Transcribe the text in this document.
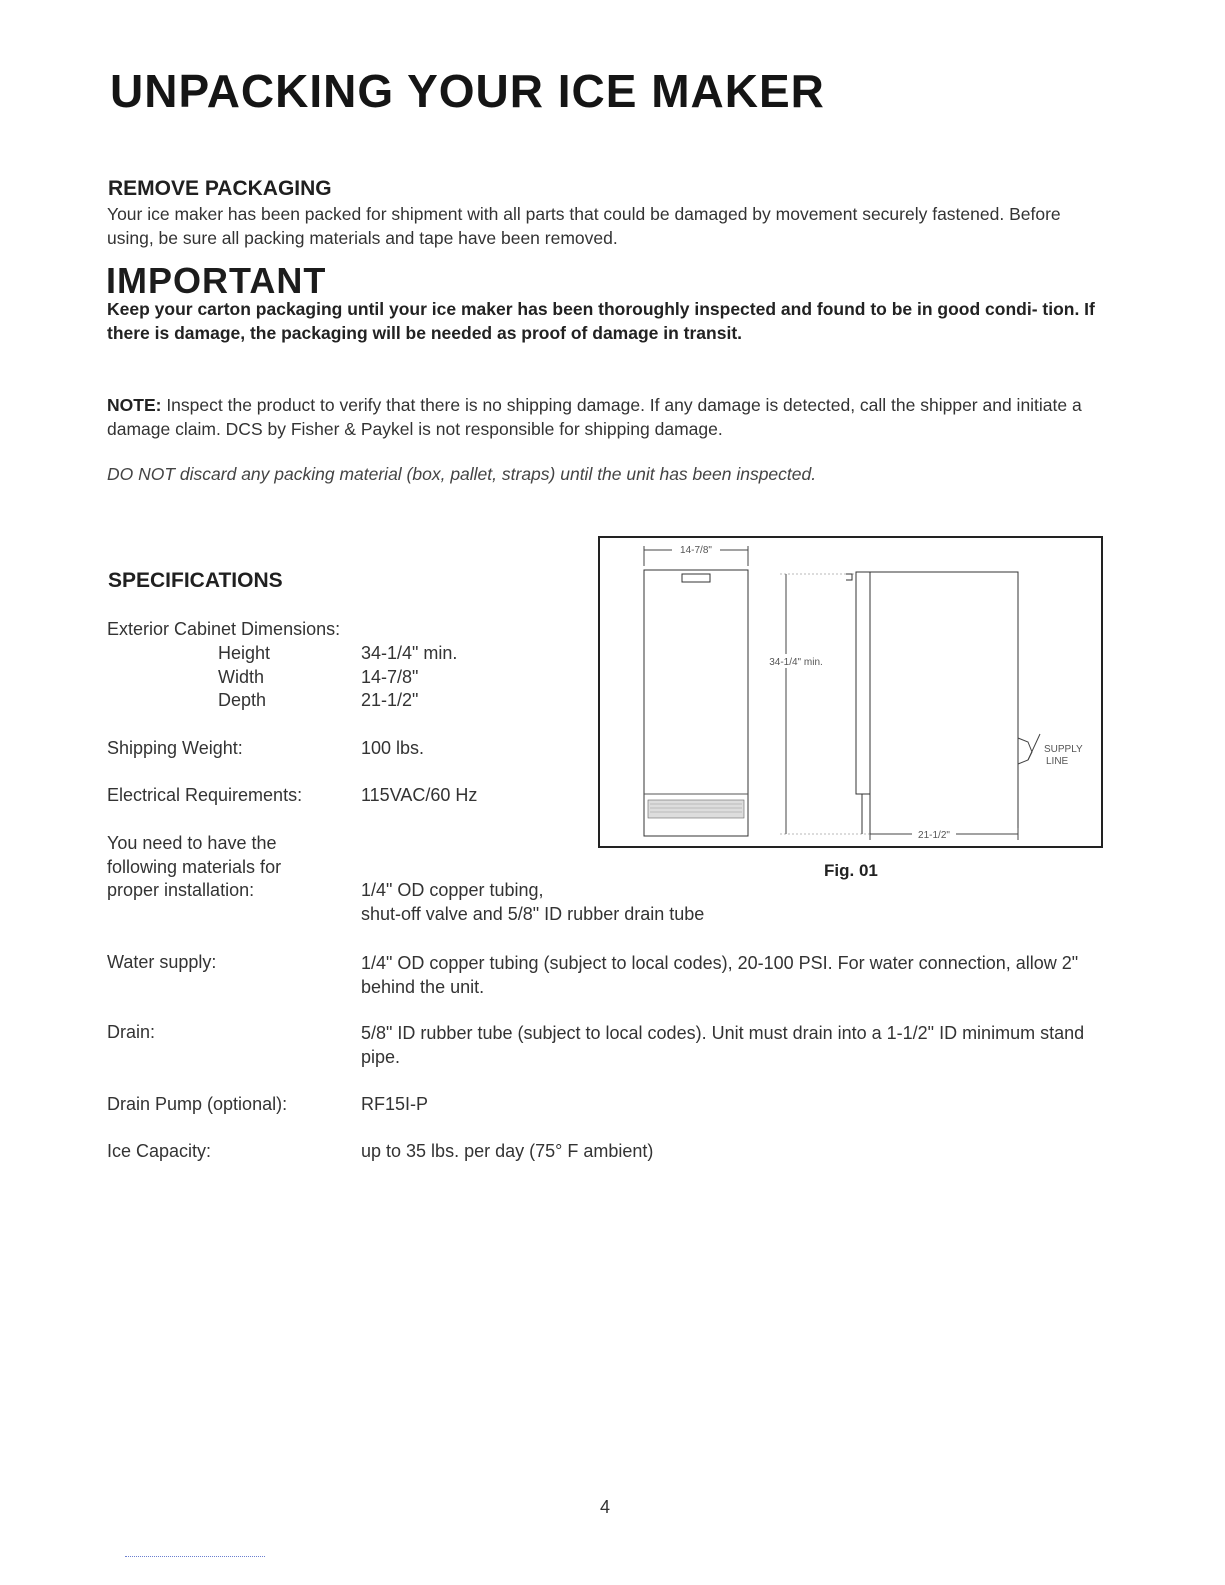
UNPACKING YOUR ICE MAKER
REMOVE PACKAGING
Your ice maker has been packed for shipment with all parts that could be damaged by movement securely fastened. Before using, be sure all packing materials and tape have been removed.
IMPORTANT
Keep your carton packaging until your ice maker has been thoroughly inspected and found to be in good condi- tion. If there is damage, the packaging will be needed as proof of damage in transit.
NOTE: Inspect the product to verify that there is no shipping damage. If any damage is detected, call the shipper and initiate a damage claim. DCS by Fisher & Paykel is not responsible for shipping damage.
DO NOT discard any packing material (box, pallet, straps) until the unit has been inspected.
SPECIFICATIONS
Exterior Cabinet Dimensions:
Height	34-1/4" min.
Width	14-7/8"
Depth	21-1/2"
Shipping Weight:	100 lbs.
Electrical Requirements:	115VAC/60 Hz
You need to have the
following materials for
proper installation:	1/4" OD copper tubing,
shut-off valve and 5/8" ID rubber drain tube
Water supply:	1/4" OD copper tubing (subject to local codes), 20-100 PSI. For water connection, allow 2" behind the unit.
Drain:	5/8" ID rubber tube (subject to local codes). Unit must drain into a 1-1/2" ID minimum stand pipe.
Drain Pump (optional):	RF15I-P
Ice Capacity:	up to 35 lbs. per day (75° F ambient)
14-7/8"
34-1/4" min.
SUPPLY
LINE
21-1/2"
Fig. 01
4
